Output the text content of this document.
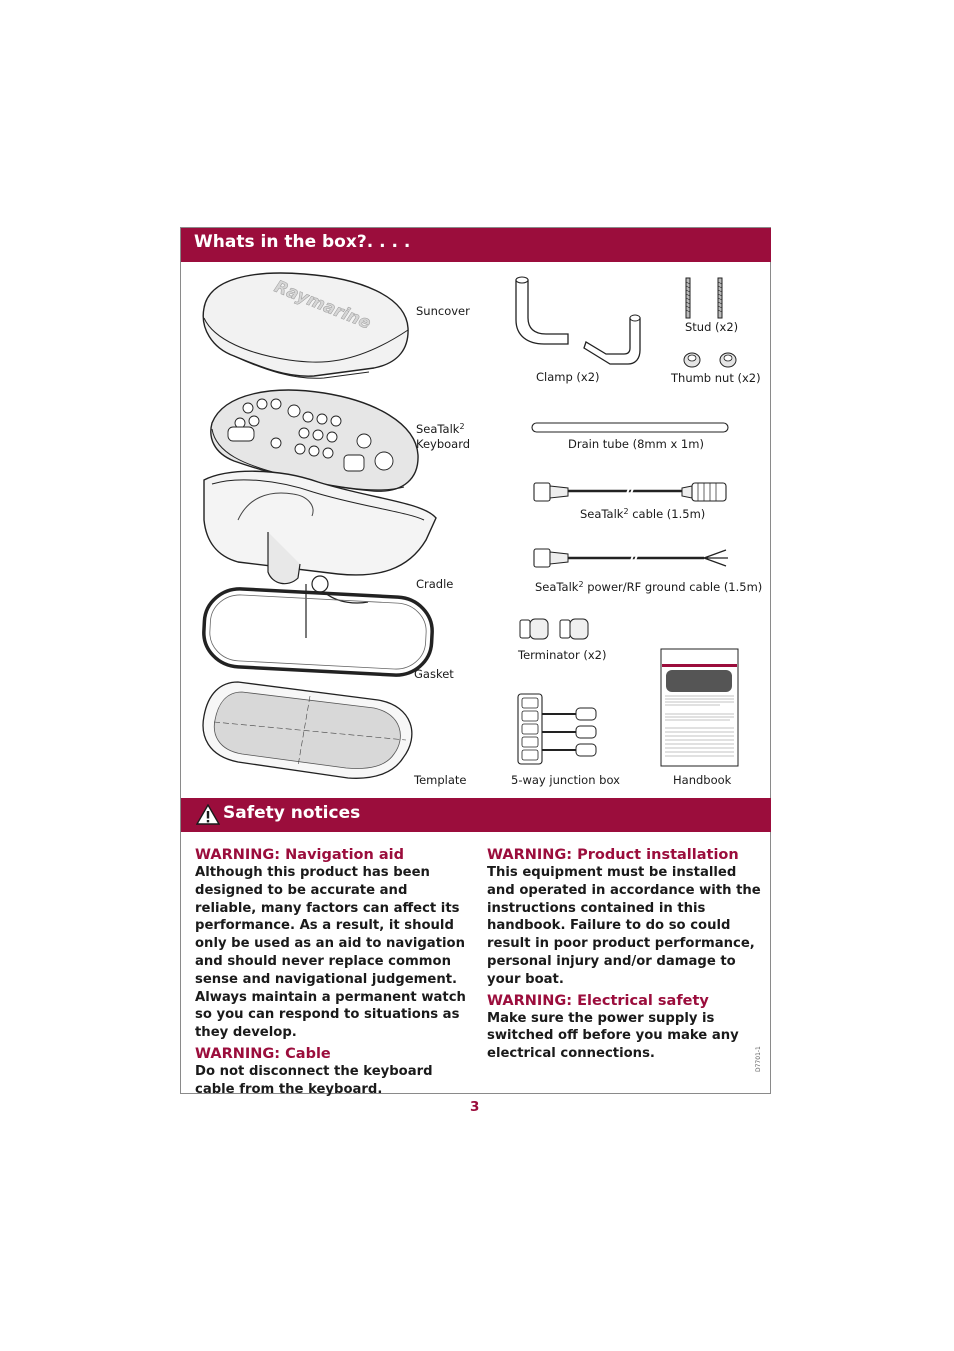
Whats in the box?. . . .
Raymarine	Suncover
SeaTalk$^2$
Keyboard
Cradle
Gasket
Template
Clamp (x2)
Stud (x2)
Thumb nut (x2)
Drain tube (8mm x 1m)
SeaTalk$^2$ cable (1.5m)
SeaTalk$^2$ power/RF ground cable (1.5m)
Terminator (x2)
5-way junction box	Handbook
Safety notices

WARNING: Navigation aid

Although this product has been designed to be accurate and reliable, many factors can affect its performance. As a result, it should only be used as an aid to navigation and should never replace common sense and navigational judgement. Always maintain a permanent watch so you can respond to situations as they develop.

WARNING: Cable

Do not disconnect the keyboard cable from the keyboard.

WARNING: Product installation

This equipment must be installed and operated in accordance with the instructions contained in this handbook. Failure to do so could result in poor product performance, personal injury and/or damage to your boat.

WARNING: Electrical safety

Make sure the power supply is switched off before you make any electrical connections.	D7701-1
3
